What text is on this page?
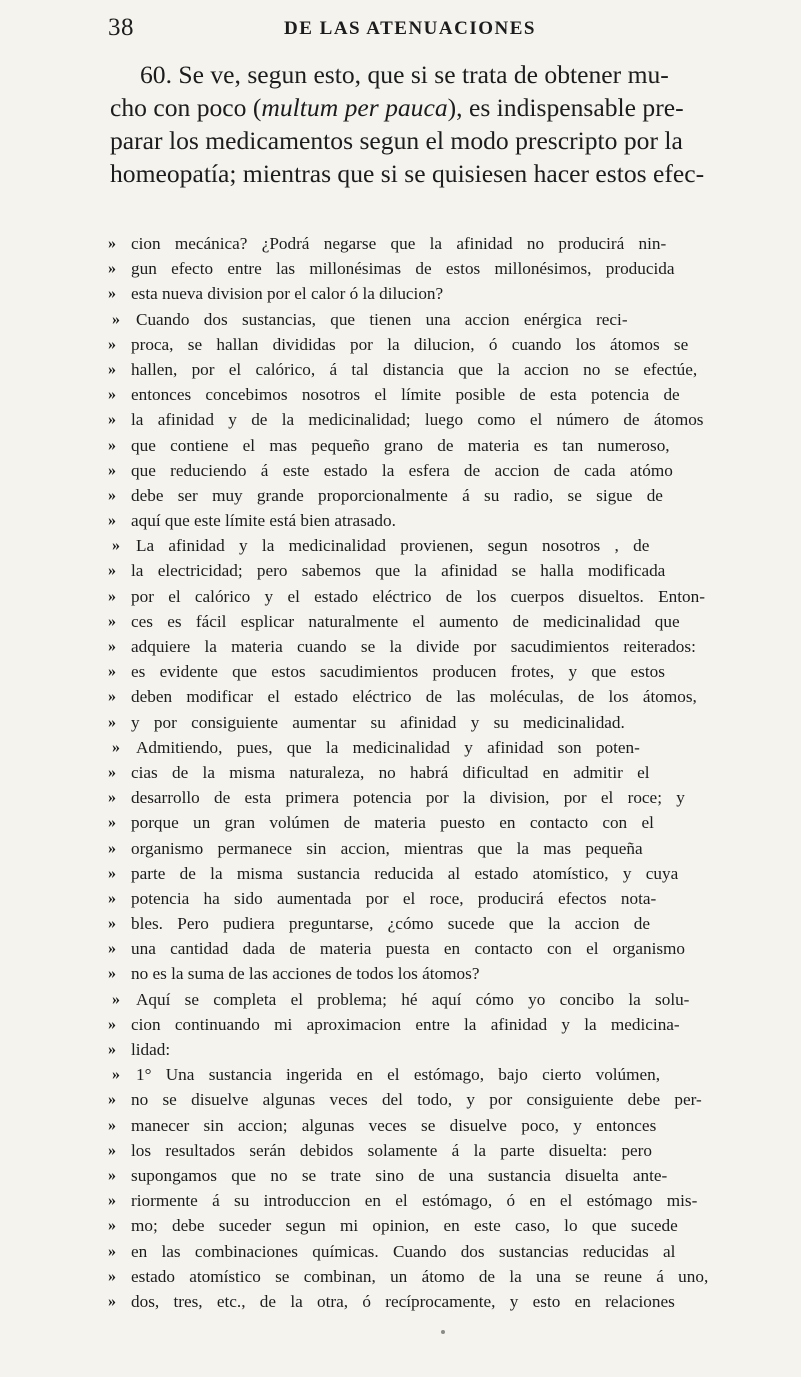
38	DE LAS ATENUACIONES
60. Se ve, segun esto, que si se trata de obtener mu-
cho con poco (multum per pauca), es indispensable pre-
parar los medicamentos segun el modo prescripto por la
homeopatía; mientras que si se quisiesen hacer estos efec-
» cion mecánica? ¿Podrá negarse que la afinidad no producirá nin-
» gun efecto entre las millonésimas de estos millonésimos, producida
» esta nueva division por el calor ó la dilucion?
» Cuando dos sustancias, que tienen una accion enérgica reci-
» proca, se hallan divididas por la dilucion, ó cuando los átomos se
» hallen, por el calórico, á tal distancia que la accion no se efectúe,
» entonces concebimos nosotros el límite posible de esta potencia de
» la afinidad y de la medicinalidad; luego como el número de átomos
» que contiene el mas pequeño grano de materia es tan numeroso,
» que reduciendo á este estado la esfera de accion de cada atómo
» debe ser muy grande proporcionalmente á su radio, se sigue de
» aquí que este límite está bien atrasado.
» La afinidad y la medicinalidad provienen, segun nosotros , de
» la electricidad; pero sabemos que la afinidad se halla modificada
» por el calórico y el estado eléctrico de los cuerpos disueltos. Enton-
» ces es fácil esplicar naturalmente el aumento de medicinalidad que
» adquiere la materia cuando se la divide por sacudimientos reiterados:
» es evidente que estos sacudimientos producen frotes, y que estos
» deben modificar el estado eléctrico de las moléculas, de los átomos,
» y por consiguiente aumentar su afinidad y su medicinalidad.
» Admitiendo, pues, que la medicinalidad y afinidad son poten-
» cias de la misma naturaleza, no habrá dificultad en admitir el
» desarrollo de esta primera potencia por la division, por el roce; y
» porque un gran volúmen de materia puesto en contacto con el
» organismo permanece sin accion, mientras que la mas pequeña
» parte de la misma sustancia reducida al estado atomístico, y cuya
» potencia ha sido aumentada por el roce, producirá efectos nota-
» bles. Pero pudiera preguntarse, ¿cómo sucede que la accion de
» una cantidad dada de materia puesta en contacto con el organismo
» no es la suma de las acciones de todos los átomos?
» Aquí se completa el problema; hé aquí cómo yo concibo la solu-
» cion continuando mi aproximacion entre la afinidad y la medicina-
» lidad:
» 1° Una sustancia ingerida en el estómago, bajo cierto volúmen,
» no se disuelve algunas veces del todo, y por consiguiente debe per-
» manecer sin accion; algunas veces se disuelve poco, y entonces
» los resultados serán debidos solamente á la parte disuelta: pero
» supongamos que no se trate sino de una sustancia disuelta ante-
» riormente á su introduccion en el estómago, ó en el estómago mis-
» mo; debe suceder segun mi opinion, en este caso, lo que sucede
» en las combinaciones químicas. Cuando dos sustancias reducidas al
» estado atomístico se combinan, un átomo de la una se reune á uno,
» dos, tres, etc., de la otra, ó recíprocamente, y esto en relaciones
